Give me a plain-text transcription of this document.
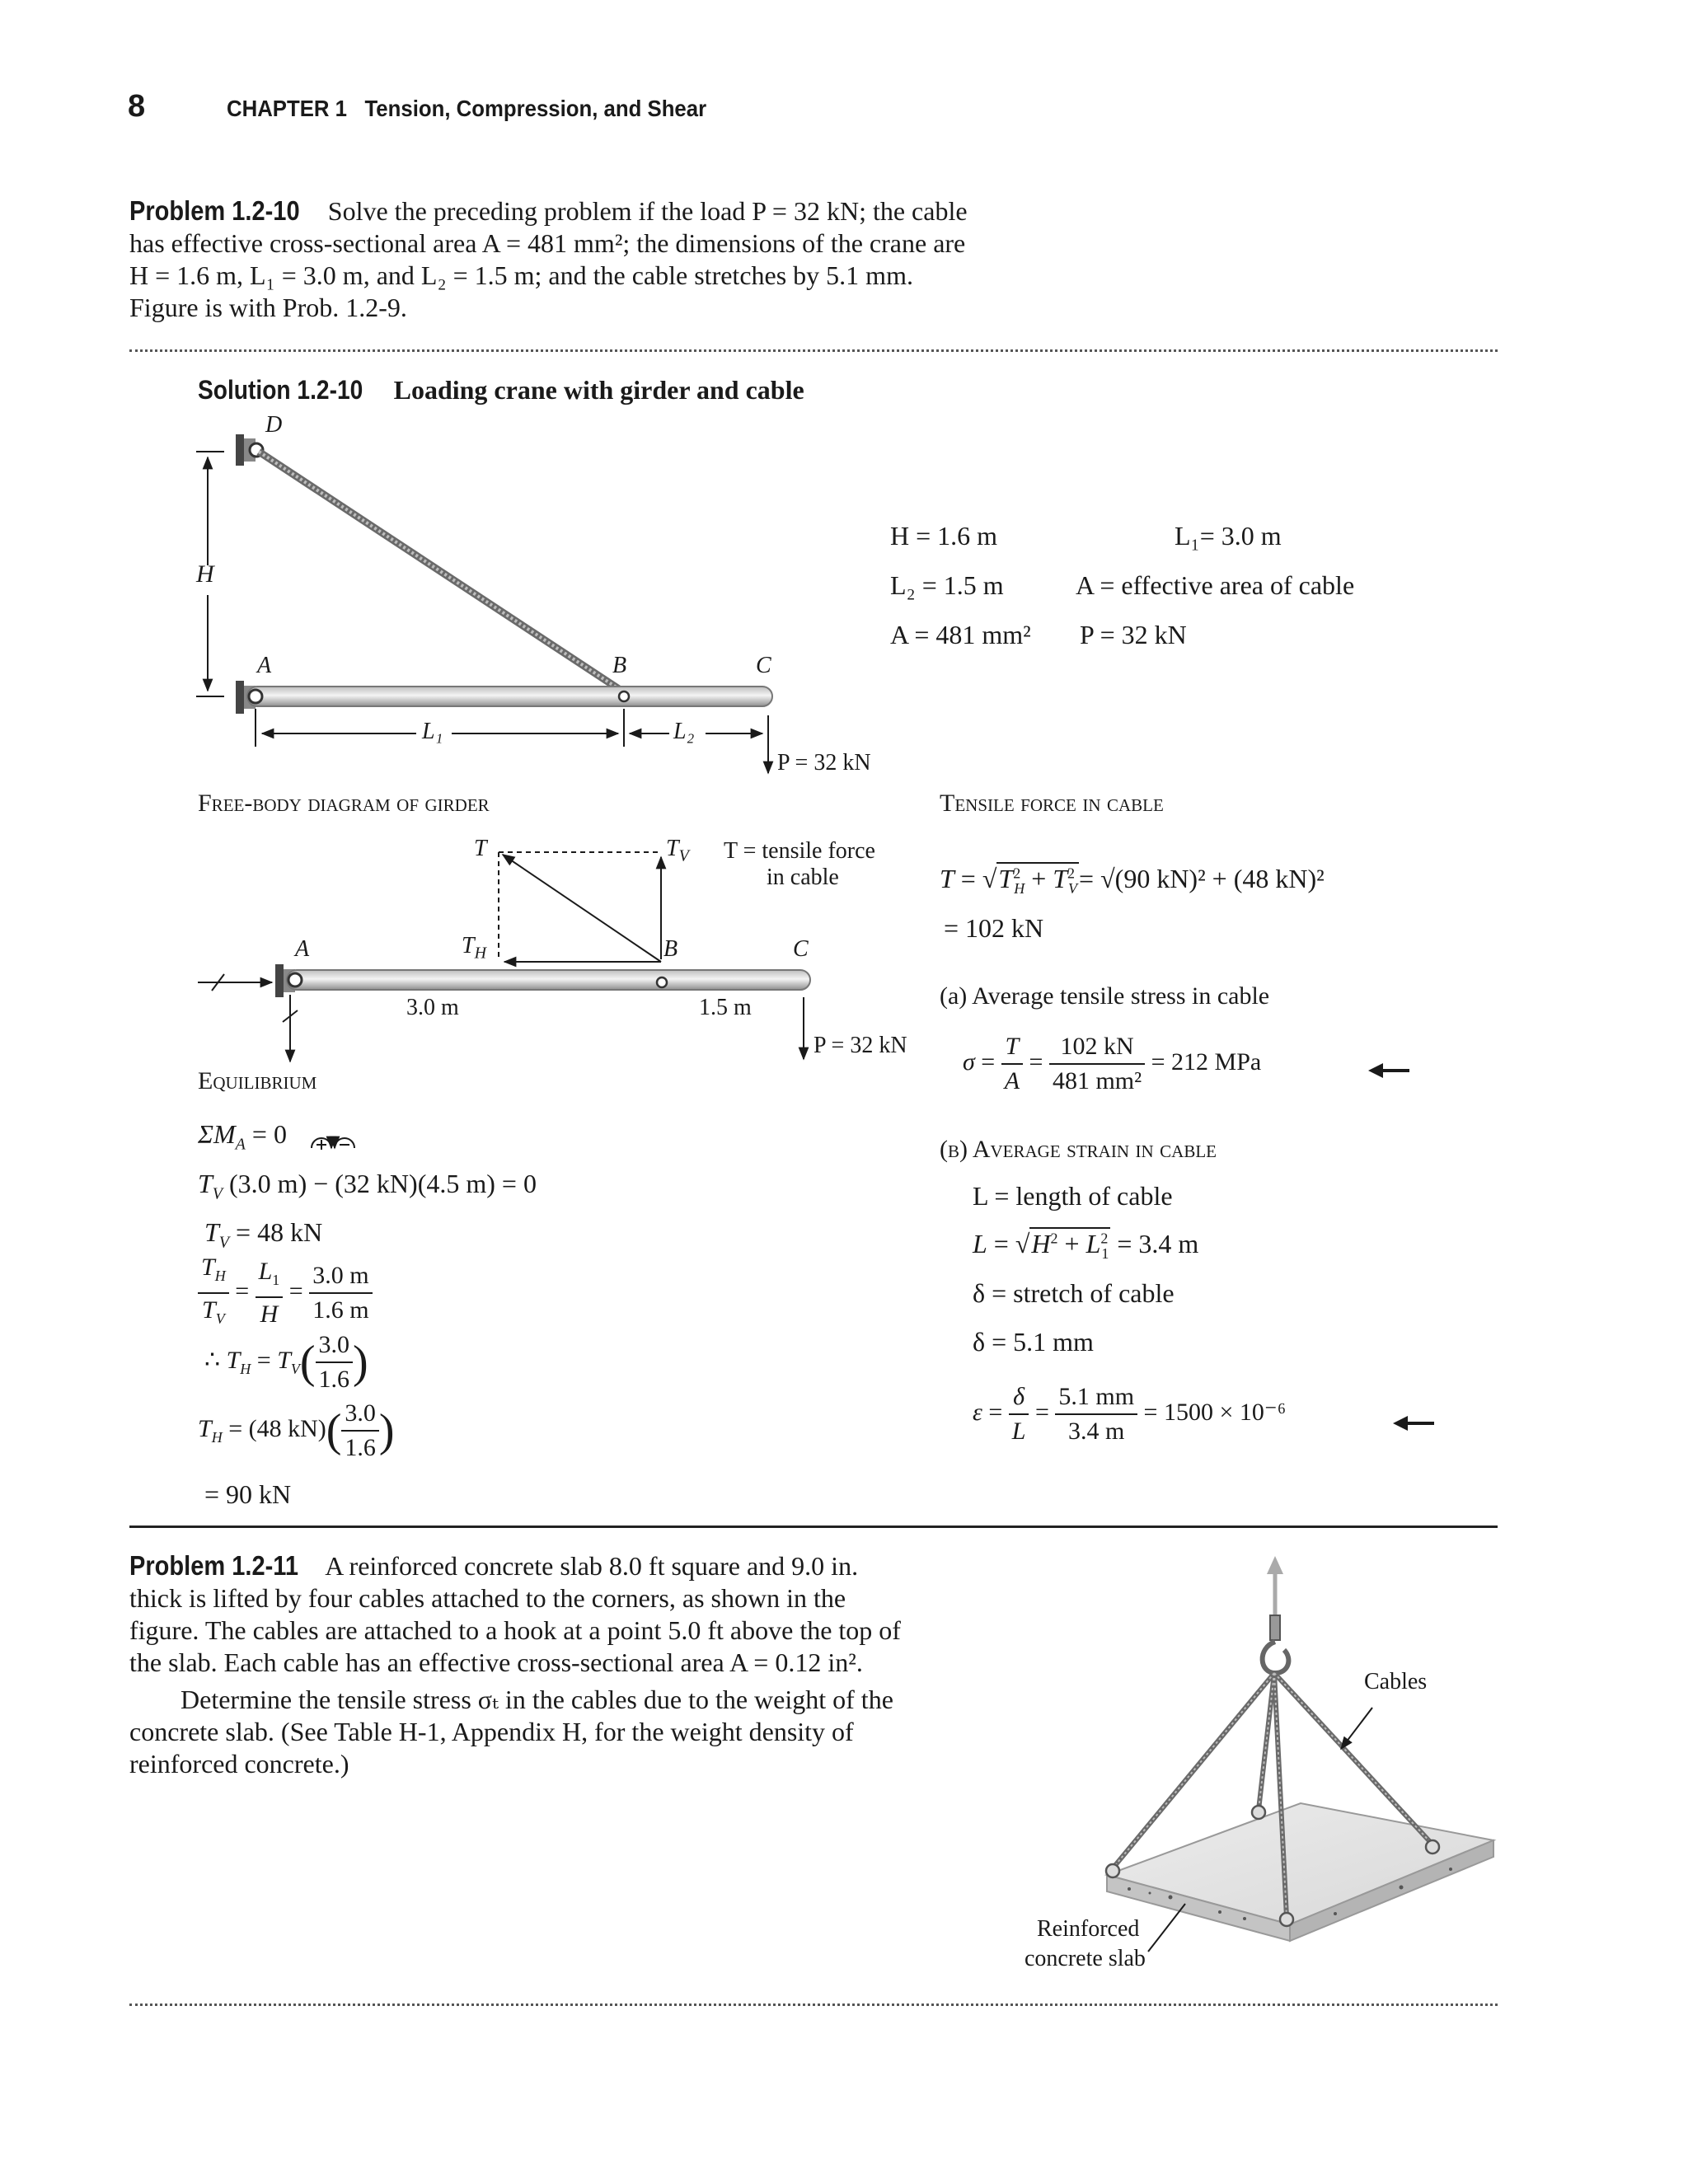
8	CHAPTER 1 Tension, Compression, and Shear
Problem 1.2-10 Solve the preceding problem if the load P = 32 kN; the cable has effective cross-sectional area A = 481 mm²; the dimensions of the crane are H = 1.6 m, L₁ = 3.0 m, and L₂ = 1.5 m; and the cable stretches by 5.1 mm. Figure is with Prob. 1.2-9.
Solution 1.2-10 Loading crane with girder and cable
D
H
A	B	C
L₁	L₂
P = 32 kN
H = 1.6 m	L₁= 3.0 m
L₂ = 1.5 m	A = effective area of cable
A = 481 mm² P = 32 kN
Free-body diagram of girder
T	$T_V$ T = tensile force
in cable
$T_H$
A	B	C
3.0 m	1.5 m
P = 32 kN
Equilibrium
$\Sigma M_A = 0$
$T_V$ (3.0 m) − (32 kN)(4.5 m) = 0
$T_V = 48$ kN
$\frac{T_H}{T_V} = \frac{L_1}{H} = \frac{3.0 m}{1.6 m}$
∴ $T_H = T_V( \frac{3.0}{1.6}$ )
$T_H = (48$ $kN)( \frac{3.0}{1.6}$ )
= 90 kN
Tensile force in cable
$T = √T^2_H + T^2_V= √(90$ kN)² + (48 kN)²
= 102 kN
(a) Average tensile stress in cable
$\sigma = \frac{T}{A} = \frac{102 kN}{\text{481 mm²}} = 212$ MPa
(b) Average strain in cable
L = length of cable
$L = √H^2 + L^2_1 = 3.4$ m
δ = stretch of cable
δ = 5.1 mm
$\varepsilon = \frac{\delta}{L} = \frac{5.1 mm}{3.4 m} = 1500 \times 10^{-6}$
Problem 1.2-11 A reinforced concrete slab 8.0 ft square and 9.0 in. thick is lifted by four cables attached to the corners, as shown in the figure. The cables are attached to a hook at a point 5.0 ft above the top of the slab. Each cable has an effective cross-sectional area A = 0.12 in².
Determine the tensile stress σₜ in the cables due to the weight of the concrete slab. (See Table H-1, Appendix H, for the weight density of reinforced concrete.)
Cables
Reinforced
concrete slab
